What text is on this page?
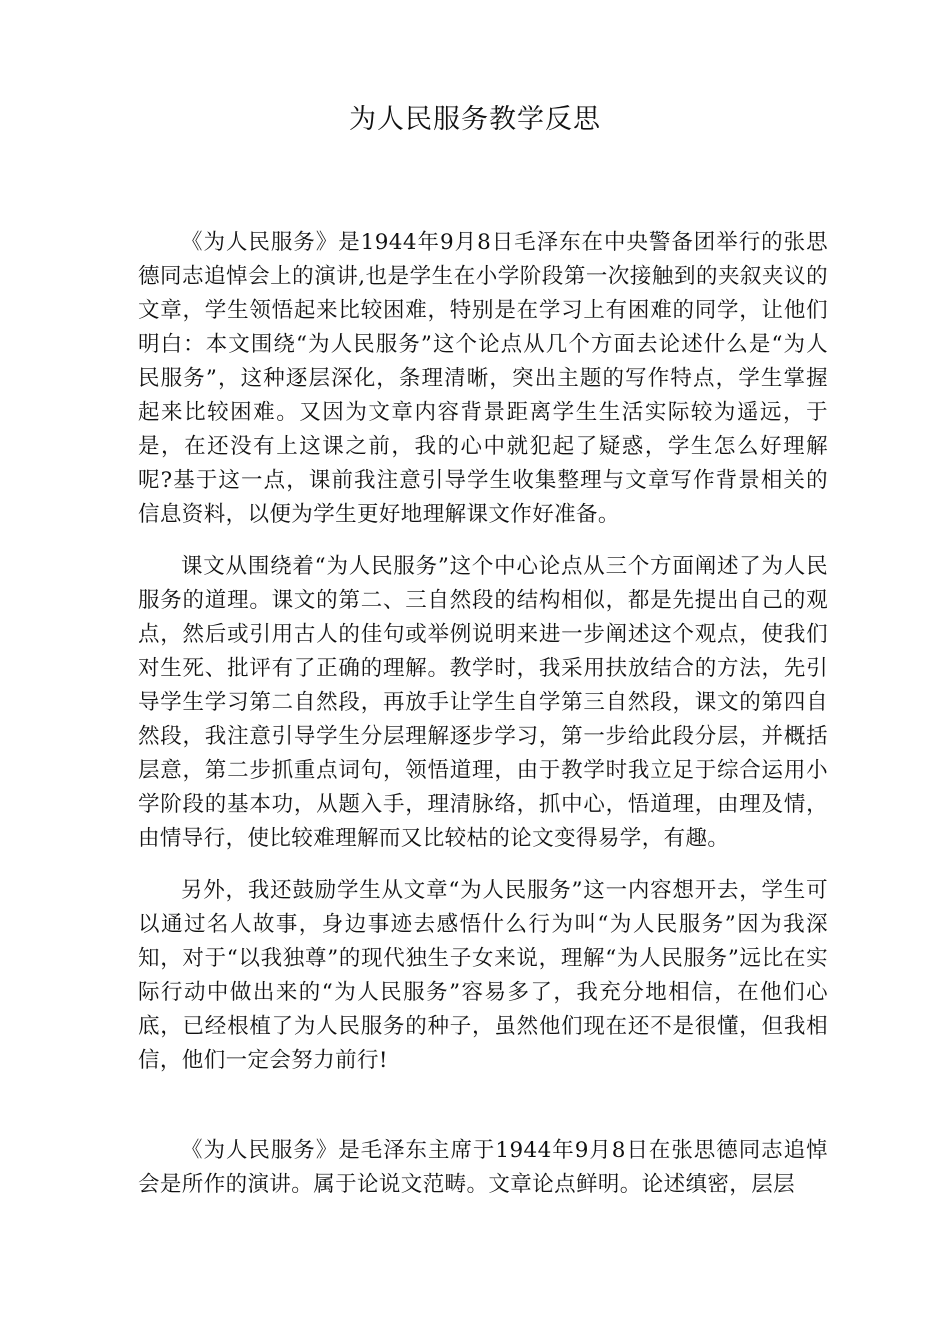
为人民服务教学反思

《为人民服务》是1944年9月8日毛泽东在中央警备团举行的张思德同志追悼会上的演讲,也是学生在小学阶段第一次接触到的夹叙夹议的文章，学生领悟起来比较困难，特别是在学习上有困难的同学，让他们明白：本文围绕“为人民服务”这个论点从几个方面去论述什么是“为人民服务”，这种逐层深化，条理清晰，突出主题的写作特点，学生掌握起来比较困难。又因为文章内容背景距离学生生活实际较为遥远，于是，在还没有上这课之前，我的心中就犯起了疑惑，学生怎么好理解呢?基于这一点，课前我注意引导学生收集整理与文章写作背景相关的信息资料，以便为学生更好地理解课文作好准备。

课文从围绕着“为人民服务”这个中心论点从三个方面阐述了为人民服务的道理。课文的第二、三自然段的结构相似，都是先提出自己的观点，然后或引用古人的佳句或举例说明来进一步阐述这个观点，使我们对生死、批评有了正确的理解。教学时，我采用扶放结合的方法，先引导学生学习第二自然段，再放手让学生自学第三自然段，课文的第四自然段，我注意引导学生分层理解逐步学习，第一步给此段分层，并概括层意，第二步抓重点词句，领悟道理，由于教学时我立足于综合运用小学阶段的基本功，从题入手，理清脉络，抓中心，悟道理，由理及情，由情导行，使比较难理解而又比较枯的论文变得易学，有趣。

另外，我还鼓励学生从文章“为人民服务”这一内容想开去，学生可以通过名人故事，身边事迹去感悟什么行为叫“为人民服务”因为我深知，对于“以我独尊”的现代独生子女来说，理解“为人民服务”远比在实际行动中做出来的“为人民服务”容易多了，我充分地相信，在他们心底，已经根植了为人民服务的种子，虽然他们现在还不是很懂，但我相信，他们一定会努力前行!

《为人民服务》是毛泽东主席于1944年9月8日在张思德同志追悼会是所作的演讲。属于论说文范畴。文章论点鲜明。论述缜密，层层
